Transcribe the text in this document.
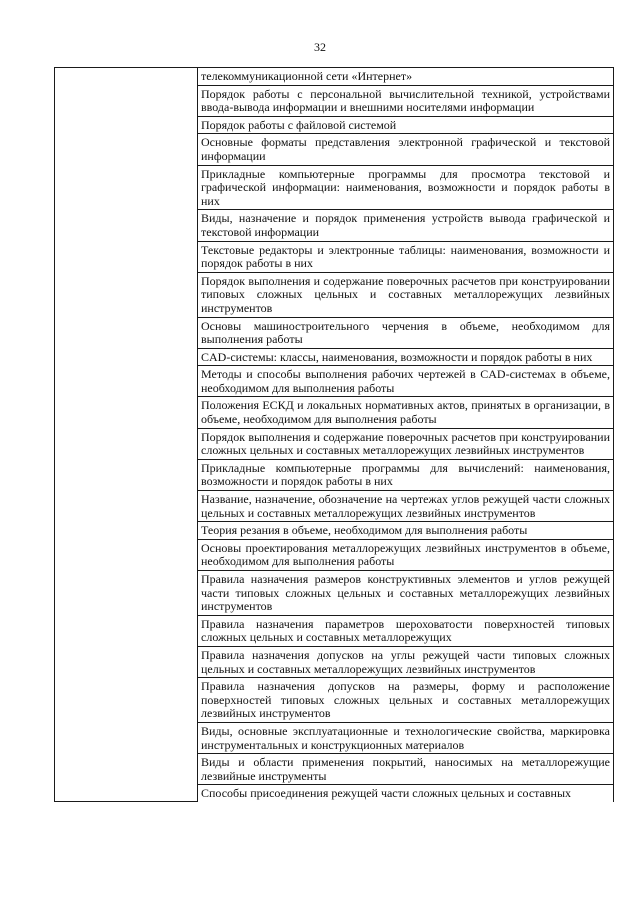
32
	телекоммуникационной сети «Интернет»
Порядок работы с персональной вычислительной техникой, устройствами ввода-вывода информации и внешними носителями информации
Порядок работы с файловой системой
Основные форматы представления электронной графической и текстовой информации
Прикладные компьютерные программы для просмотра текстовой и графической информации: наименования, возможности и порядок работы в них
Виды, назначение и порядок применения устройств вывода графической и текстовой информации
Текстовые редакторы и электронные таблицы: наименования, возможности и порядок работы в них
Порядок выполнения и содержание поверочных расчетов при конструировании типовых сложных цельных и составных металлорежущих лезвийных инструментов
Основы машиностроительного черчения в объеме, необходимом для выполнения работы
CAD-системы: классы, наименования, возможности и порядок работы в них
Методы и способы выполнения рабочих чертежей в CAD-системах в объеме, необходимом для выполнения работы
Положения ЕСКД и локальных нормативных актов, принятых в организации, в объеме, необходимом для выполнения работы
Порядок выполнения и содержание поверочных расчетов при конструировании сложных цельных и составных металлорежущих лезвийных инструментов
Прикладные компьютерные программы для вычислений: наименования, возможности и порядок работы в них
Название, назначение, обозначение на чертежах углов режущей части сложных цельных и составных металлорежущих лезвийных инструментов
Теория резания в объеме, необходимом для выполнения работы
Основы проектирования металлорежущих лезвийных инструментов в объеме, необходимом для выполнения работы
Правила назначения размеров конструктивных элементов и углов режущей части типовых сложных цельных и составных металлорежущих лезвийных инструментов
Правила назначения параметров шероховатости поверхностей типовых сложных цельных и составных металлорежущих
Правила назначения допусков на углы режущей части типовых сложных цельных и составных металлорежущих лезвийных инструментов
Правила назначения допусков на размеры, форму и расположение поверхностей типовых сложных цельных и составных металлорежущих лезвийных инструментов
Виды, основные эксплуатационные и технологические свойства, маркировка инструментальных и конструкционных материалов
Виды и области применения покрытий, наносимых на металлорежущие лезвийные инструменты
Способы присоединения режущей части сложных цельных и составных
